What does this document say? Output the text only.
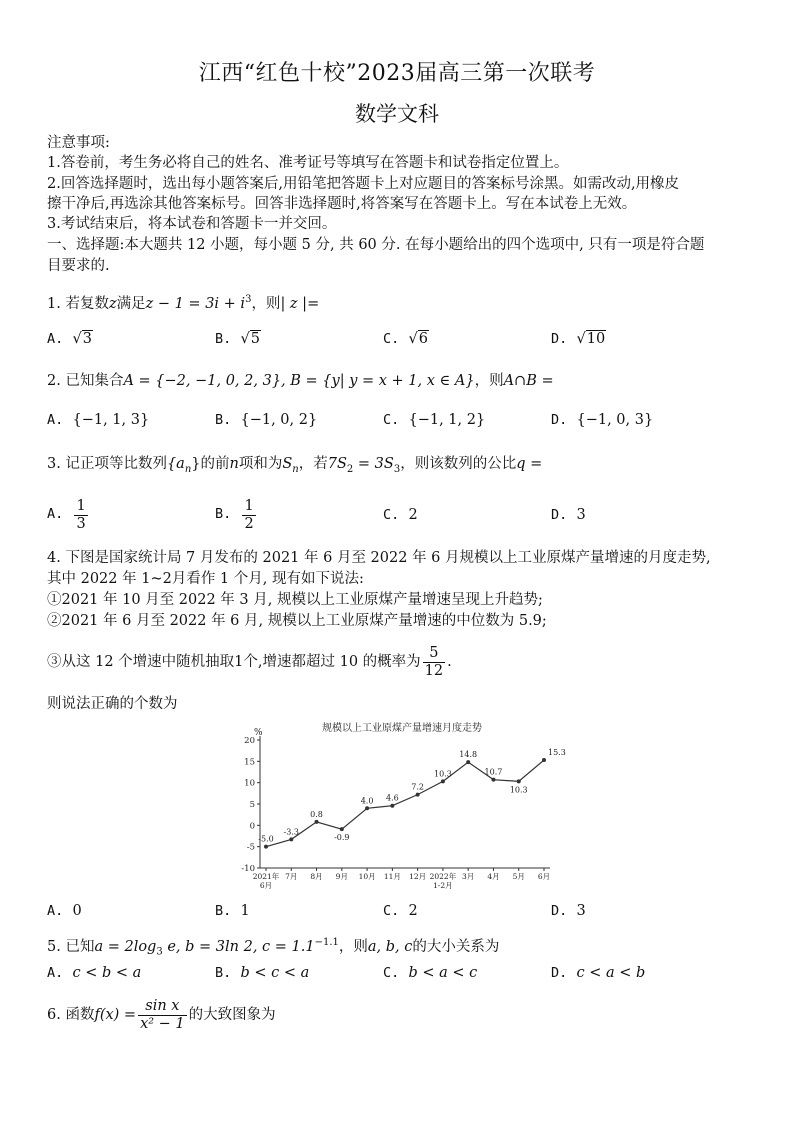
江西“红色十校”2023届高三第一次联考
数学文科
注意事项:
1.答卷前，考生务必将自己的姓名、准考证号等填写在答题卡和试卷指定位置上。
2.回答选择题时，选出每小题答案后,用铅笔把答题卡上对应题目的答案标号涂黑。如需改动,用橡皮
擦干净后,再选涂其他答案标号。回答非选择题时,将答案写在答题卡上。写在本试卷上无效。
3.考试结束后，将本试卷和答题卡一并交回。
一、选择题:本大题共 12 小题，每小题 5 分, 共 60 分. 在每小题给出的四个选项中, 只有一项是符合题
目要求的.
1. 若复数z满足$z - 1 = 3i + i^3$，则| z |=
A. √3	B. √5	C. √6	D. √10
2. 已知集合A = {−2, −1, 0, 2, 3}, B = {y| y = x + 1, x ∈ A}，则A∩B =
A. {−1, 1, 3}	B. {−1, 0, 2}	C. {−1, 1, 2}	D. {−1, 0, 3}
3. 记正项等比数列$\{a_n\}$的前n项和为$S_n$，若$7S_2 = 3S_3$，则该数列的公比q =
A. $\frac{1}{3}$	B. $\frac{1}{2}$	C. 2	D. 3
4. 下图是国家统计局 7 月发布的 2021 年 6 月至 2022 年 6 月规模以上工业原煤产量增速的月度走势,
其中 2022 年 1~2月看作 1 个月, 现有如下说法:
①2021 年 10 月至 2022 年 3 月, 规模以上工业原煤产量增速呈现上升趋势;
②2021 年 6 月至 2022 年 6 月, 规模以上工业原煤产量增速的中位数为 5.9;
③从这 12 个增速中随机抽取1个,增速都超过 10 的概率为 $\frac{5}{12}$ .
则说法正确的个数为
规模以上工业原煤产量增速月度走势
%
-10
-5
0
5
10
15
20
2021年
6月
7月 8月 9月 10月 11月 12月 2022年
1-2月
3月 4月 5月 6月
-5.0
-3.3
0.8
-0.9
4.0 4.6
7.2
10.3
14.8
10.7
10.3
15.3
A. 0	B. 1	C. 2	D. 3
5. 已知$a = 2\log_3$ e, b = 3ln 2, $c = 1.1^{-1.1}$，则a, b, c的大小关系为
A. c < b < a	B. b < c < a	C. b < a < c	D. c < a < b
6. 函数$f(x) = \frac{\text{sin x}}{\text{x² − 1}}$ 的大致图象为
